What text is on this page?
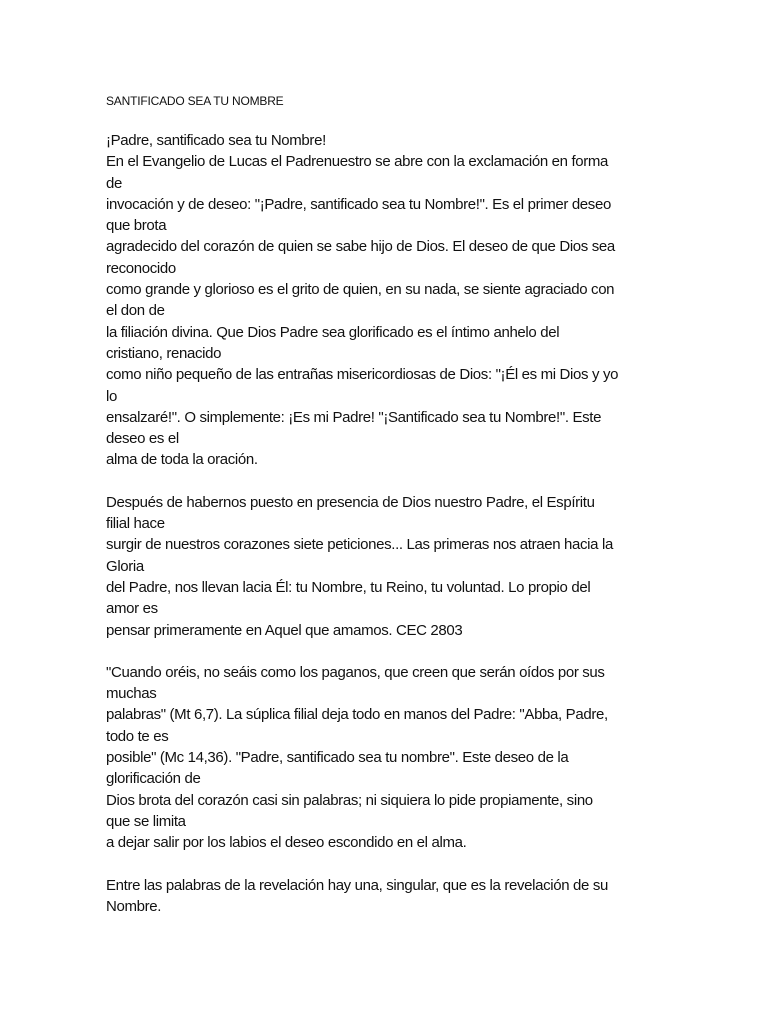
SANTIFICADO SEA TU NOMBRE

¡Padre, santificado sea tu Nombre!
En el Evangelio de Lucas el Padrenuestro se abre con la exclamación en forma
de
invocación y de deseo: "¡Padre, santificado sea tu Nombre!". Es el primer deseo
que brota
agradecido del corazón de quien se sabe hijo de Dios. El deseo de que Dios sea
reconocido
como grande y glorioso es el grito de quien, en su nada, se siente agraciado con
el don de
la filiación divina. Que Dios Padre sea glorificado es el íntimo anhelo del
cristiano, renacido
como niño pequeño de las entrañas misericordiosas de Dios: "¡Él es mi Dios y yo
lo
ensalzaré!". O simplemente: ¡Es mi Padre! "¡Santificado sea tu Nombre!". Este
deseo es el
alma de toda la oración.

Después de habernos puesto en presencia de Dios nuestro Padre, el Espíritu
filial hace
surgir de nuestros corazones siete peticiones... Las primeras nos atraen hacia la
Gloria
del Padre, nos llevan lacia Él: tu Nombre, tu Reino, tu voluntad. Lo propio del
amor es
pensar primeramente en Aquel que amamos. CEC 2803

"Cuando oréis, no seáis como los paganos, que creen que serán oídos por sus
muchas
palabras" (Mt 6,7). La súplica filial deja todo en manos del Padre: "Abba, Padre,
todo te es
posible" (Mc 14,36). "Padre, santificado sea tu nombre". Este deseo de la
glorificación de
Dios brota del corazón casi sin palabras; ni siquiera lo pide propiamente, sino
que se limita
a dejar salir por los labios el deseo escondido en el alma.

Entre las palabras de la revelación hay una, singular, que es la revelación de su
Nombre.
